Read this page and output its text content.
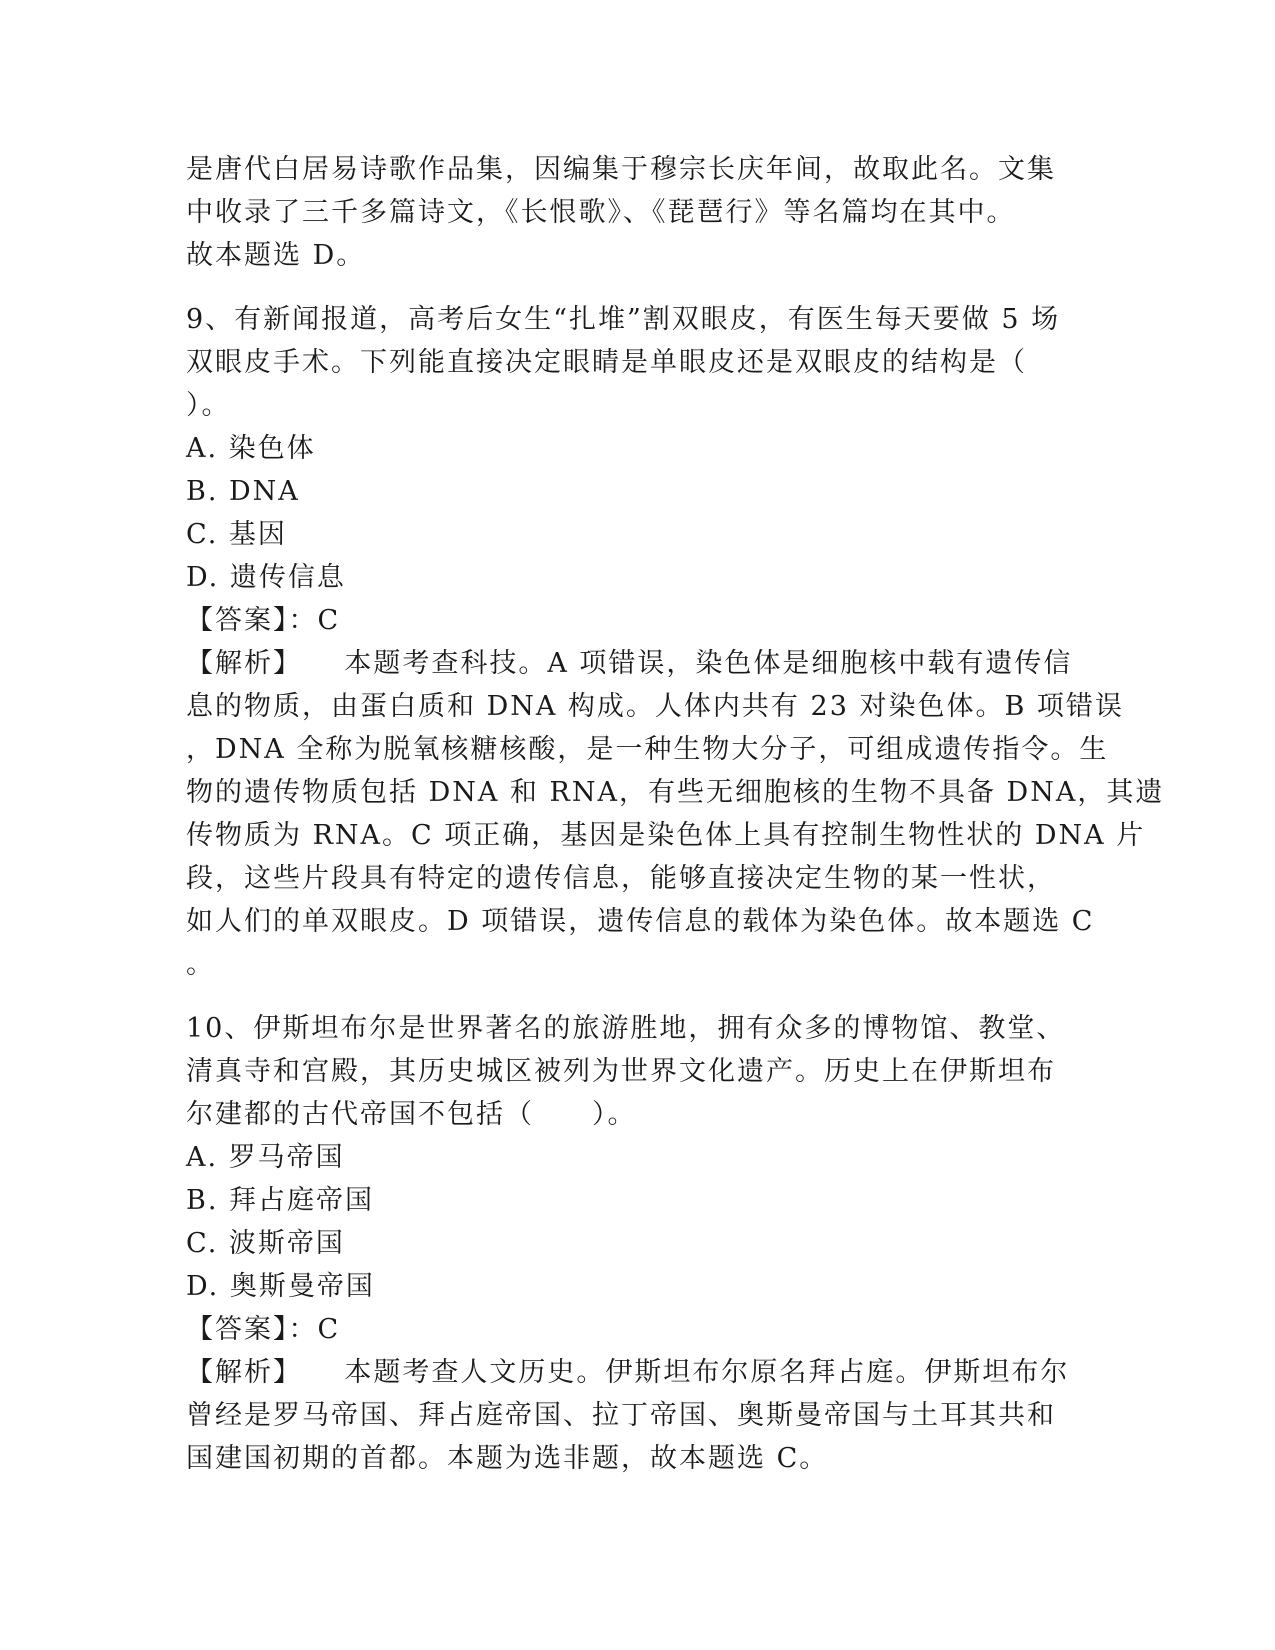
是唐代白居易诗歌作品集，因编集于穆宗长庆年间，故取此名。文集
中收录了三千多篇诗文，《长恨歌》、《琵琶行》等名篇均在其中。
故本题选 D。
9、有新闻报道，高考后女生“扎堆”割双眼皮，有医生每天要做 5 场
双眼皮手术。下列能直接决定眼睛是单眼皮还是双眼皮的结构是（
）。
A. 染色体
B. DNA
C. 基因
D. 遗传信息
【答案】：C
【解析】    本题考查科技。A 项错误，染色体是细胞核中载有遗传信
息的物质，由蛋白质和 DNA 构成。人体内共有 23 对染色体。B 项错误
，DNA 全称为脱氧核糖核酸，是一种生物大分子，可组成遗传指令。生
物的遗传物质包括 DNA 和 RNA，有些无细胞核的生物不具备 DNA，其遗
传物质为 RNA。C 项正确，基因是染色体上具有控制生物性状的 DNA 片
段，这些片段具有特定的遗传信息，能够直接决定生物的某一性状，
如人们的单双眼皮。D 项错误，遗传信息的载体为染色体。故本题选 C
。
10、伊斯坦布尔是世界著名的旅游胜地，拥有众多的博物馆、教堂、
清真寺和宫殿，其历史城区被列为世界文化遗产。历史上在伊斯坦布
尔建都的古代帝国不包括（　　）。
A. 罗马帝国
B. 拜占庭帝国
C. 波斯帝国
D. 奥斯曼帝国
【答案】：C
【解析】    本题考查人文历史。伊斯坦布尔原名拜占庭。伊斯坦布尔
曾经是罗马帝国、拜占庭帝国、拉丁帝国、奥斯曼帝国与土耳其共和
国建国初期的首都。本题为选非题，故本题选 C。
